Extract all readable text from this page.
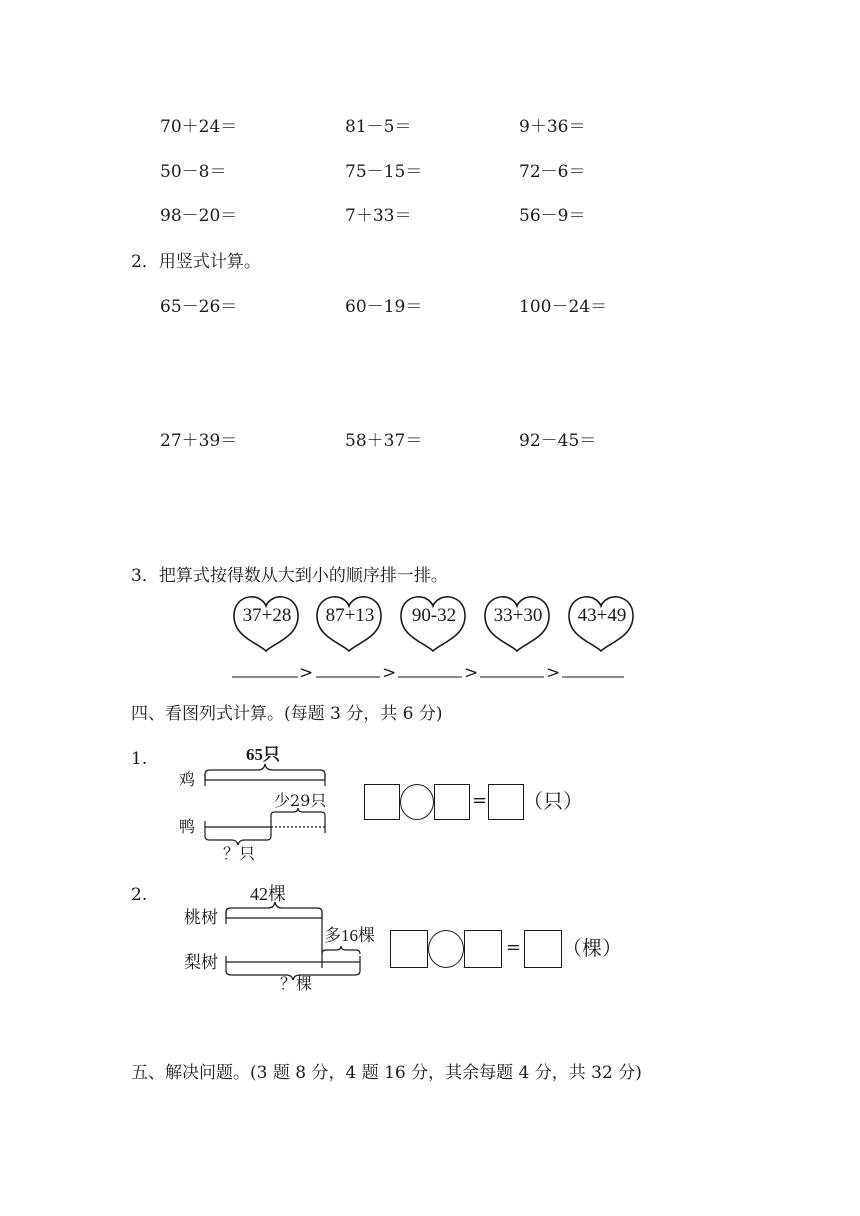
70＋24＝	81－5＝	9＋36＝
50－8＝	75－15＝	72－6＝
98－20＝	7＋33＝	56－9＝
2．用竖式计算。
65－26＝	60－19＝	100－24＝
27＋39＝	58＋37＝	92－45＝
3．把算式按得数从大到小的顺序排一排。
37+28 87+13	90-32	33+30 43+49
>	>	>	>
四、看图列式计算。(每题 3 分，共 6 分)
1.	65只
鸡
少29只
鸭
？只
= （只）
2.	42棵
桃树
多16棵
梨树
？棵
= （棵）
五、解决问题。(3 题 8 分，4 题 16 分，其余每题 4 分，共 32 分)
